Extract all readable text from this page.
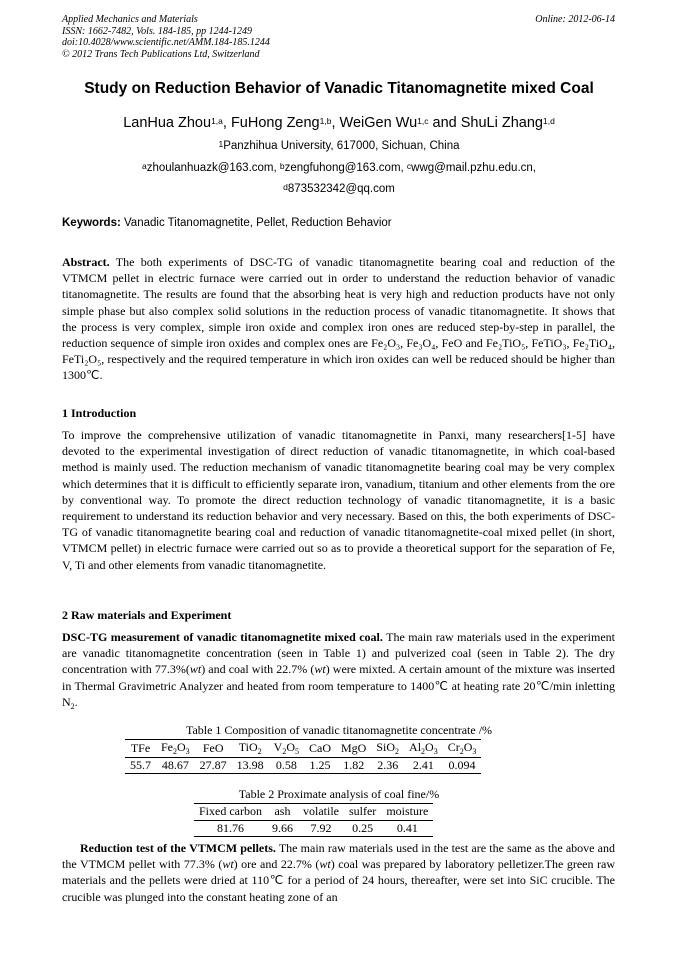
Applied Mechanics and Materials
ISSN: 1662-7482, Vols. 184-185, pp 1244-1249
doi:10.4028/www.scientific.net/AMM.184-185.1244
© 2012 Trans Tech Publications Ltd, Switzerland
Online: 2012-06-14
Study on Reduction Behavior of Vanadic Titanomagnetite mixed Coal
LanHua Zhou$^{1,a}$, FuHong Zeng$^{1,b}$, WeiGen Wu$^{1,c}$ and ShuLi Zhang$^{1,d}$
$^1$Panzhihua University, 617000, Sichuan, China
$^a$zhoulanhuazk@163.com, $^b$zengfuhong@163.com, $^c$wwg@mail.pzhu.edu.cn,
$^d$873532342@qq.com
Keywords: Vanadic Titanomagnetite, Pellet, Reduction Behavior
Abstract. The both experiments of DSC-TG of vanadic titanomagnetite bearing coal and reduction of the VTMCM pellet in electric furnace were carried out in order to understand the reduction behavior of vanadic titanomagnetite. The results are found that the absorbing heat is very high and reduction products have not only simple phase but also complex solid solutions in the reduction process of vanadic titanomagnetite. It shows that the process is very complex, simple iron oxide and complex iron ones are reduced step-by-step in parallel, the reduction sequence of simple iron oxides and complex ones are Fe₂O₃, Fe₃O₄, FeO and Fe₂TiO₅, FeTiO₃, Fe₂TiO₄, FeTi₂O₅, respectively and the required temperature in which iron oxides can well be reduced should be higher than 1300℃.
1 Introduction
To improve the comprehensive utilization of vanadic titanomagnetite in Panxi, many researchers[1-5] have devoted to the experimental investigation of direct reduction of vanadic titanomagnetite, in which coal-based method is mainly used. The reduction mechanism of vanadic titanomagnetite bearing coal may be very complex which determines that it is difficult to efficiently separate iron, vanadium, titanium and other elements from the ore by conventional way. To promote the direct reduction technology of vanadic titanomagnetite, it is a basic requirement to understand its reduction behavior and very necessary. Based on this, the both experiments of DSC-TG of vanadic titanomagnetite bearing coal and reduction of vanadic titanomagnetite-coal mixed pellet (in short, VTMCM pellet) in electric furnace were carried out so as to provide a theoretical support for the separation of Fe, V, Ti and other elements from vanadic titanomagnetite.
2 Raw materials and Experiment
DSC-TG measurement of vanadic titanomagnetite mixed coal. The main raw materials used in the experiment are vanadic titanomagnetite concentration (seen in Table 1) and pulverized coal (seen in Table 2). The dry concentration with 77.3%(wt) and coal with 22.7% (wt) were mixted. A certain amount of the mixture was inserted in Thermal Gravimetric Analyzer and heated from room temperature to 1400℃ at heating rate 20℃/min inletting $N_2$.
Table 1 Composition of vanadic titanomagnetite concentrate /%
TFe	$Fe_2O_3$	FeO	TiO$_2$	$V_2O_5$	CaO	MgO	SiO$_2$	$Al_2O_3$	$Cr_2O_3$
55.7	48.67	27.87	13.98	0.58	1.25	1.82	2.36	2.41	0.094
Table 2 Proximate analysis of coal fine/%
Fixed carbon	ash	volatile	sulfer	moisture
81.76	9.66	7.92	0.25	0.41
Reduction test of the VTMCM pellets. The main raw materials used in the test are the same as the above and the VTMCM pellet with 77.3% (wt) ore and 22.7% (wt) coal was prepared by laboratory pelletizer.The green raw materials and the pellets were dried at 110℃ for a period of 24 hours, thereafter, were set into SiC crucible. The crucible was plunged into the constant heating zone of an
